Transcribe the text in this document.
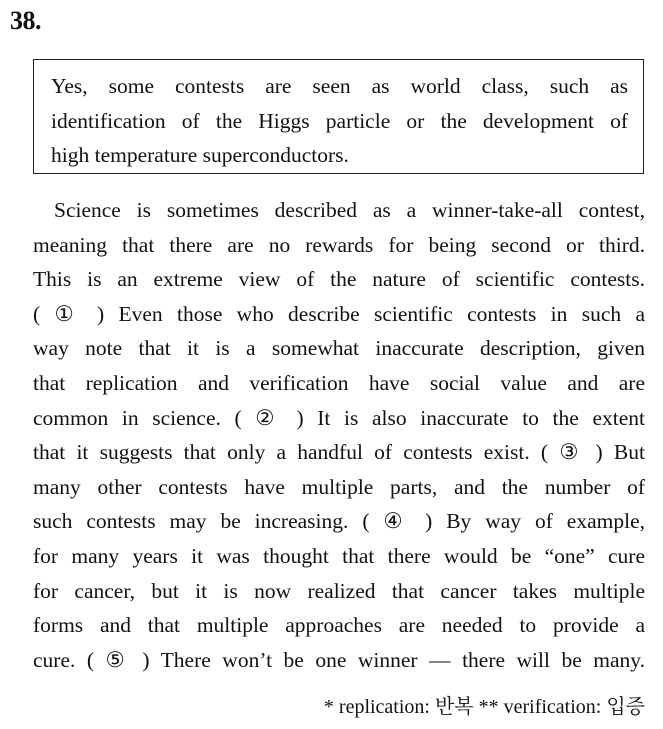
38.
Yes, some contests are seen as world class, such as
identification of the Higgs particle or the development of
high temperature superconductors.
Science is sometimes described as a winner-take-all contest,
meaning that there are no rewards for being second or third.
This is an extreme view of the nature of scientific contests.
( ① ) Even those who describe scientific contests in such a
way note that it is a somewhat inaccurate description, given
that replication and verification have social value and are
common in science. ( ② ) It is also inaccurate to the extent
that it suggests that only a handful of contests exist. ( ③ ) But
many other contests have multiple parts, and the number of
such contests may be increasing. ( ④ ) By way of example,
for many years it was thought that there would be “one” cure
for cancer, but it is now realized that cancer takes multiple
forms and that multiple approaches are needed to provide a
cure. ( ⑤ ) There won’t be one winner — there will be many.
* replication: 반복 ** verification: 입증
